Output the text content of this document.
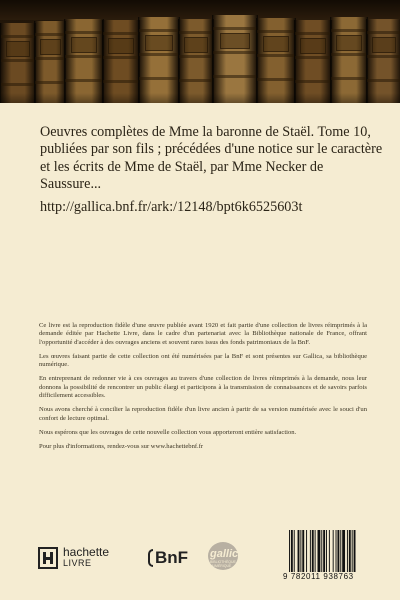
Oeuvres complètes de Mme la baronne de Staël. Tome 10, publiées par son fils ; précédées d'une notice sur le caractère et les écrits de Mme de Staël, par Mme Necker de Saussure...
http://gallica.bnf.fr/ark:/12148/bpt6k6525603t

Ce livre est la reproduction fidèle d'une œuvre publiée avant 1920 et fait partie d'une collection de livres réimprimés à la demande éditée par Hachette Livre, dans le cadre d'un partenariat avec la Bibliothèque nationale de France, offrant l'opportunité d'accéder à des ouvrages anciens et souvent rares issus des fonds patrimoniaux de la BnF.

Les œuvres faisant partie de cette collection ont été numérisées par la BnF et sont présentes sur Gallica, sa bibliothèque numérique.

En entreprenant de redonner vie à ces ouvrages au travers d'une collection de livres réimprimés à la demande, nous leur donnons la possibilité de rencontrer un public élargi et participons à la transmission de connaissances et de savoirs parfois difficilement accessibles.

Nous avons cherché à concilier la reproduction fidèle d'un livre ancien à partir de sa version numérisée avec le souci d'un confort de lecture optimal.

Nous espérons que les ouvrages de cette nouvelle collection vous apporteront entière satisfaction.

Pour plus d'informations, rendez-vous sur www.hachettebnf.fr

hachette
LIVRE	BnF gallica
BIBLIOTHÈQUE NUMÉRIQUE
9 782011 938763
